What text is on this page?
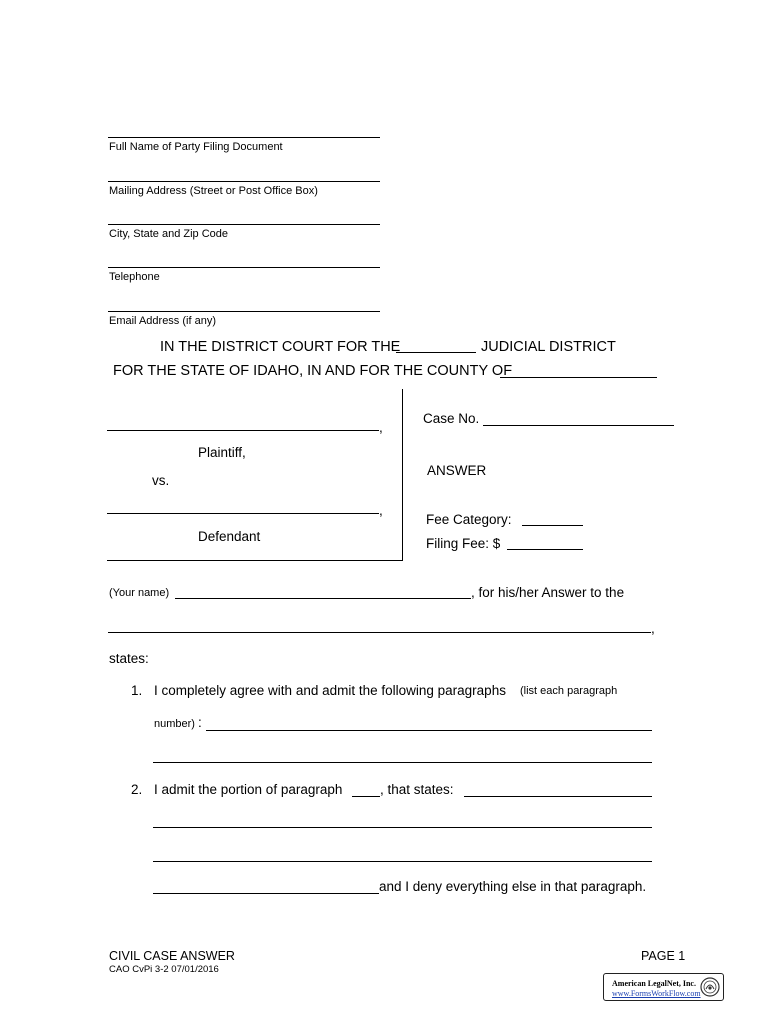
Full Name of Party Filing Document
Mailing Address (Street or Post Office Box)
City, State and Zip Code
Telephone
Email Address (if any)
IN THE DISTRICT COURT FOR THE	JUDICIAL DISTRICT
FOR THE STATE OF IDAHO, IN AND FOR THE COUNTY OF
,
Plaintiff,
vs.
,
Defendant
Case No.
ANSWER
Fee Category:
Filing Fee: $
(Your name)	, for his/her Answer to the
,
states:
1. I completely agree with and admit the following paragraphs (list each paragraph
number) :
2. I admit the portion of paragraph	, that states:
and I deny everything else in that paragraph.
CIVIL CASE ANSWER
CAO CvPi 3-2 07/01/2016
PAGE 1
American LegalNet, Inc.
www.FormsWorkFlow.com
